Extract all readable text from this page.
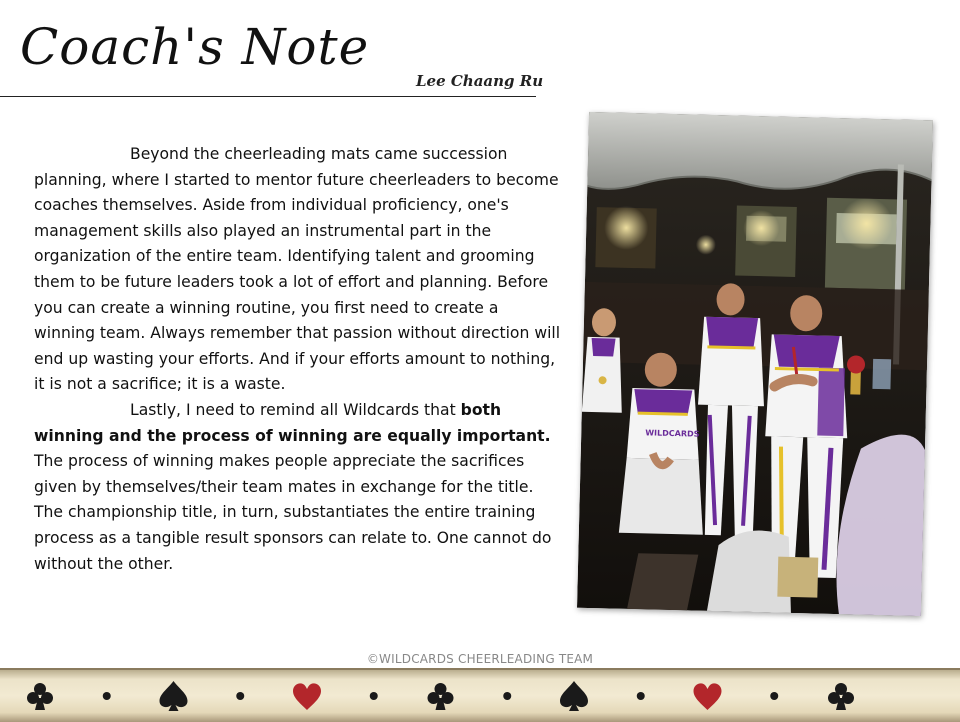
Coach's Note
Lee Chaang Ru

Beyond the cheerleading mats came succession planning, where I started to mentor future cheerleaders to become coaches themselves. Aside from individual proficiency, one's management skills also played an instrumental part in the organization of the entire team. Identifying talent and grooming them to be future leaders took a lot of effort and planning. Before you can create a winning routine, you first need to create a winning team. Always remember that passion without direction will end up wasting your efforts. And if your efforts amount to nothing, it is not a sacrifice; it is a waste.

Lastly, I need to remind all Wildcards that both winning and the process of winning are equally important. The process of winning makes people appreciate the sacrifices given by themselves/their team mates in exchange for the title. The championship title, in turn, substantiates the entire training process as a tangible result sponsors can relate to. One cannot do without the other.

WILDCARDS
©WILDCARDS CHEERLEADING TEAM
